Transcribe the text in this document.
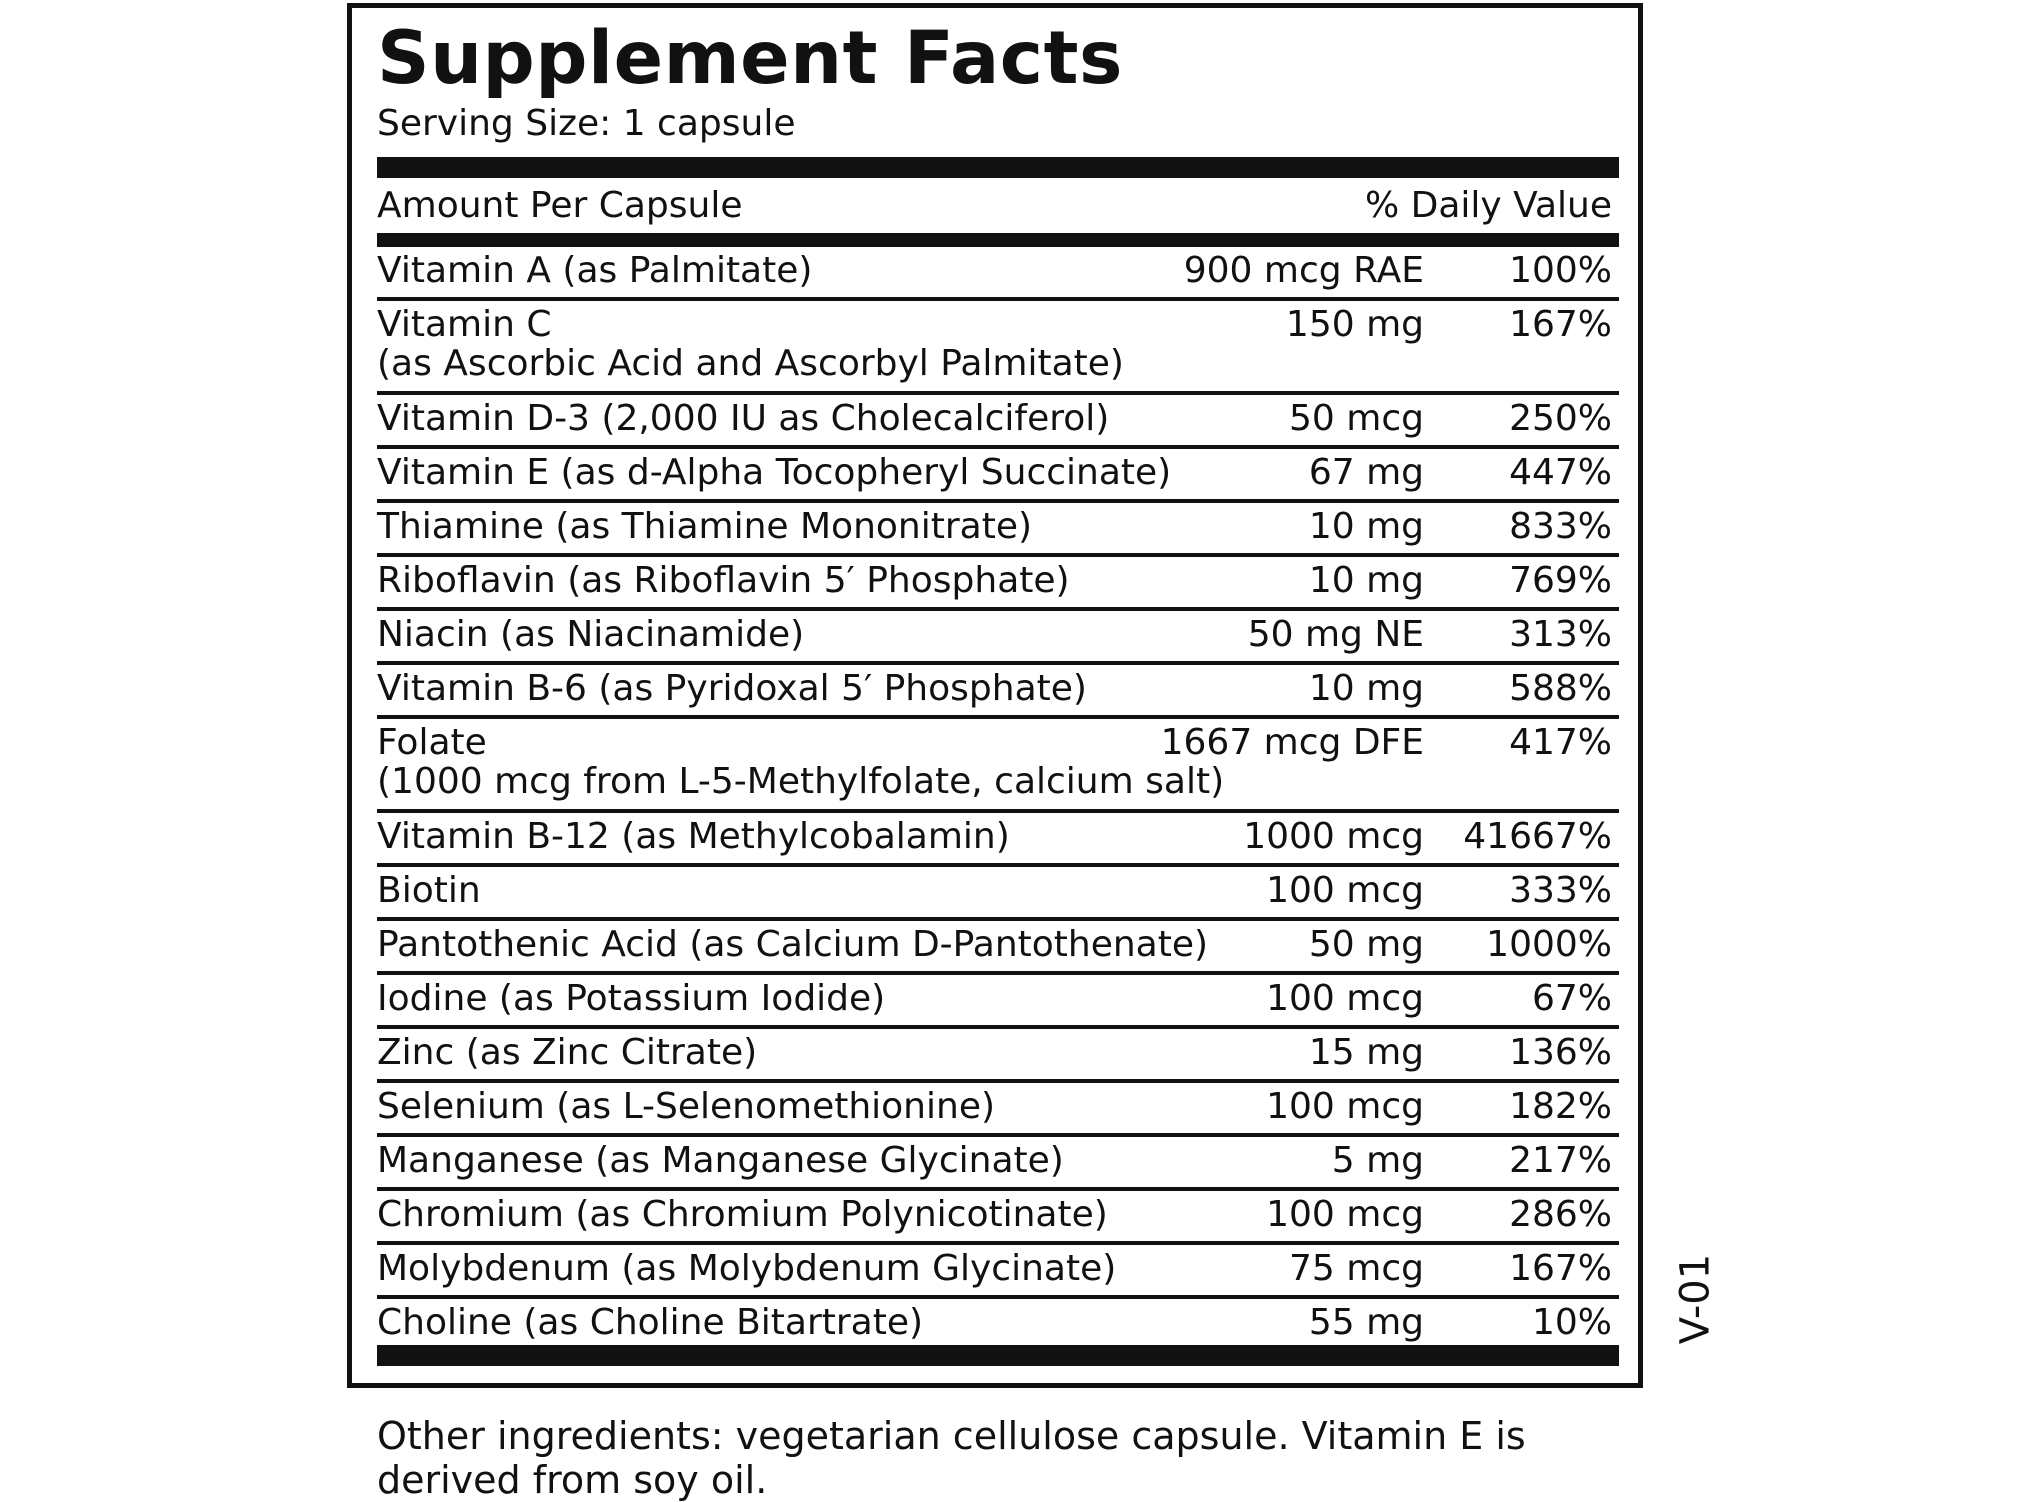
Supplement Facts
Serving Size: 1 capsule
Amount Per Capsule	% Daily Value
Vitamin A (as Palmitate)	900 mcg RAE 100%
Vitamin C
(as Ascorbic Acid and Ascorbyl Palmitate)
150 mg 167%
Vitamin D-3 (2,000 IU as Cholecalciferol)	50 mcg 250%
Vitamin E (as d-Alpha Tocopheryl Succinate)	67 mg 447%
Thiamine (as Thiamine Mononitrate)	10 mg 833%
Riboflavin (as Riboflavin 5′ Phosphate)	10 mg 769%
Niacin (as Niacinamide)	50 mg NE 313%
Vitamin B-6 (as Pyridoxal 5′ Phosphate)	10 mg 588%
Folate
(1000 mcg from L-5-Methylfolate, calcium salt)
1667 mcg DFE 417%
Vitamin B-12 (as Methylcobalamin)	1000 mcg 41667%
Biotin	100 mcg 333%
Pantothenic Acid (as Calcium D-Pantothenate)	50 mg 1000%
Iodine (as Potassium Iodide)	100 mcg	67%
Zinc (as Zinc Citrate)	15 mg 136%
Selenium (as L-Selenomethionine)	100 mcg 182%
Manganese (as Manganese Glycinate)	5 mg 217%
Chromium (as Chromium Polynicotinate)	100 mcg 286%
Molybdenum (as Molybdenum Glycinate)	75 mcg 167%
Choline (as Choline Bitartrate)	55 mg	10% V-01
Other ingredients: vegetarian cellulose capsule. Vitamin E is derived from soy oil.
